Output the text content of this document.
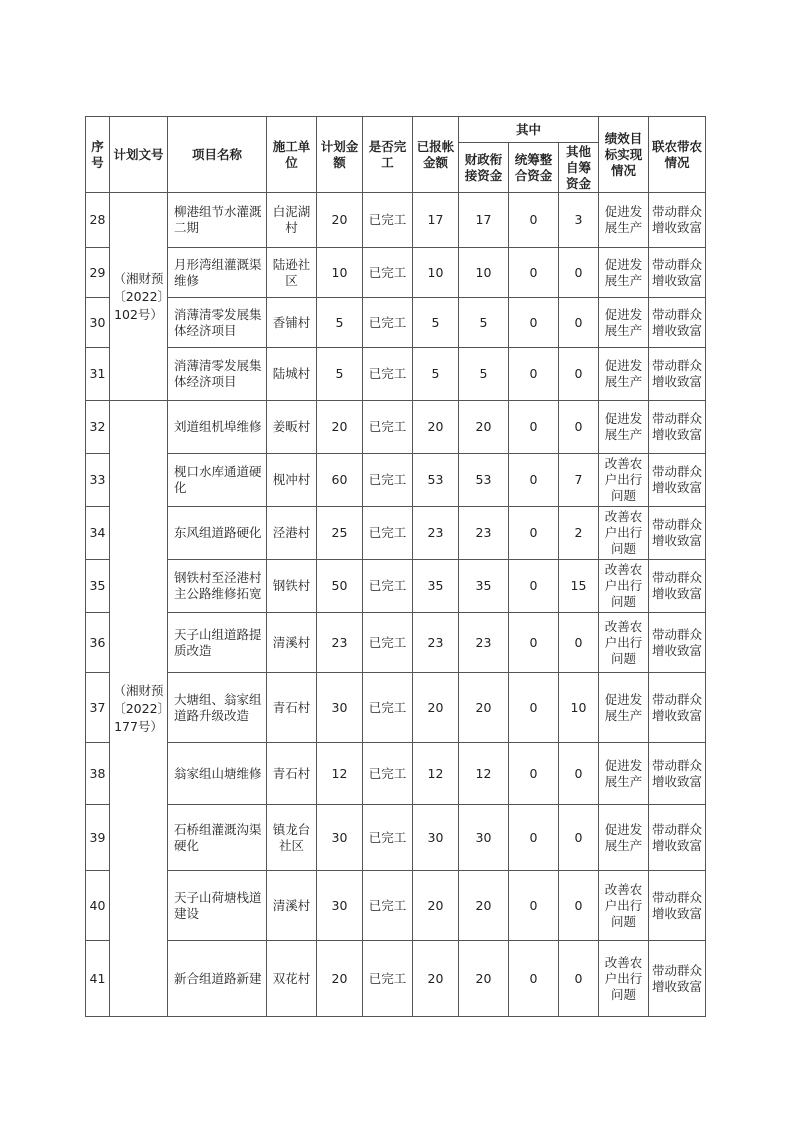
序号	计划文号	项目名称	施工单位	计划金额	是否完工	已报帐金额	其中			绩效目标实现情况	联农带农情况
							财政衔接资金	统筹整合资金	其他自筹资金		
28	（湘财预〔2022〕102号）	柳港组节水灌溉二期	白泥湖村	20	已完工	17	17	0	3	促进发展生产	带动群众增收致富
29		月形湾组灌溉渠维修	陆逊社区	10	已完工	10	10	0	0	促进发展生产	带动群众增收致富
30		消薄清零发展集体经济项目	香铺村	5	已完工	5	5	0	0	促进发展生产	带动群众增收致富
31		消薄清零发展集体经济项目	陆城村	5	已完工	5	5	0	0	促进发展生产	带动群众增收致富
32	（湘财预〔2022〕177号）	刘道组机埠维修	姜畈村	20	已完工	20	20	0	0	促进发展生产	带动群众增收致富
33		枧口水库通道硬化	枧冲村	60	已完工	53	53	0	7	改善农户出行问题	带动群众增收致富
34		东风组道路硬化	泾港村	25	已完工	23	23	0	2	改善农户出行问题	带动群众增收致富
35		钢铁村至泾港村主公路维修拓宽	钢铁村	50	已完工	35	35	0	15	改善农户出行问题	带动群众增收致富
36		天子山组道路提质改造	清溪村	23	已完工	23	23	0	0	改善农户出行问题	带动群众增收致富
37		大塘组、翁家组道路升级改造	青石村	30	已完工	20	20	0	10	促进发展生产	带动群众增收致富
38		翁家组山塘维修	青石村	12	已完工	12	12	0	0	促进发展生产	带动群众增收致富
39		石桥组灌溉沟渠硬化	镇龙台社区	30	已完工	30	30	0	0	促进发展生产	带动群众增收致富
40		天子山荷塘栈道建设	清溪村	30	已完工	20	20	0	0	改善农户出行问题	带动群众增收致富
41		新合组道路新建	双花村	20	已完工	20	20	0	0	改善农户出行问题	带动群众增收致富
